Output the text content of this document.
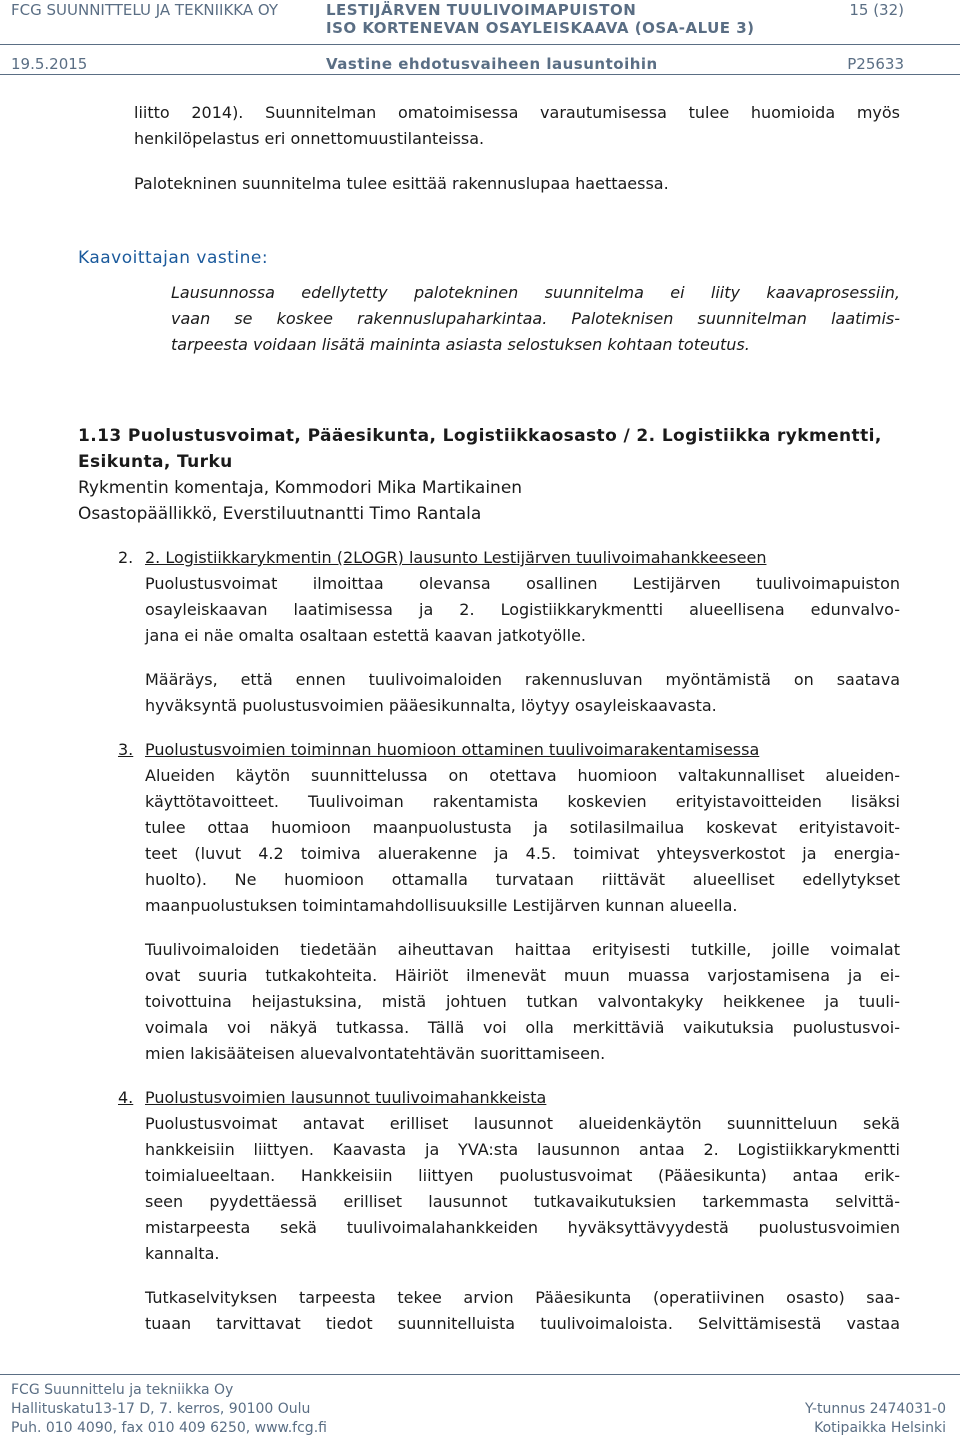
FCG SUUNNITTELU JA TEKNIIKKA OY	LESTIJÄRVEN TUULIVOIMAPUISTON
ISO KORTENEVAN OSAYLEISKAAVA (OSA-ALUE 3)
15 (32)
19.5.2015	Vastine ehdotusvaiheen lausuntoihin	P25633
liitto 2014). Suunnitelman omatoimisessa varautumisessa tulee huomioida myös
henkilöpelastus eri onnettomuustilanteissa.
Palotekninen suunnitelma tulee esittää rakennuslupaa haettaessa.
Kaavoittajan vastine:
Lausunnossa edellytetty palotekninen suunnitelma ei liity kaavaprosessiin,
vaan se koskee rakennuslupaharkintaa. Paloteknisen suunnitelman laatimis-
tarpeesta voidaan lisätä maininta asiasta selostuksen kohtaan toteutus.
1.13 Puolustusvoimat, Pääesikunta, Logistiikkaosasto / 2. Logistiikka rykmentti,
Esikunta, Turku
Rykmentin komentaja, Kommodori Mika Martikainen
Osastopäällikkö, Everstiluutnantti Timo Rantala
2. 2. Logistiikkarykmentin (2LOGR) lausunto Lestijärven tuulivoimahankkeeseen
Puolustusvoimat ilmoittaa olevansa osallinen Lestijärven tuulivoimapuiston
osayleiskaavan laatimisessa ja 2. Logistiikkarykmentti alueellisena edunvalvo-
jana ei näe omalta osaltaan estettä kaavan jatkotyölle.
Määräys, että ennen tuulivoimaloiden rakennusluvan myöntämistä on saatava
hyväksyntä puolustusvoimien pääesikunnalta, löytyy osayleiskaavasta.
3. Puolustusvoimien toiminnan huomioon ottaminen tuulivoimarakentamisessa
Alueiden käytön suunnittelussa on otettava huomioon valtakunnalliset alueiden-
käyttötavoitteet. Tuulivoiman rakentamista koskevien erityistavoitteiden lisäksi
tulee ottaa huomioon maanpuolustusta ja sotilasilmailua koskevat erityistavoit-
teet (luvut 4.2 toimiva aluerakenne ja 4.5. toimivat yhteysverkostot ja energia-
huolto). Ne huomioon ottamalla turvataan riittävät alueelliset edellytykset
maanpuolustuksen toimintamahdollisuuksille Lestijärven kunnan alueella.
Tuulivoimaloiden tiedetään aiheuttavan haittaa erityisesti tutkille, joille voimalat
ovat suuria tutkakohteita. Häiriöt ilmenevät muun muassa varjostamisena ja ei-
toivottuina heijastuksina, mistä johtuen tutkan valvontakyky heikkenee ja tuuli-
voimala voi näkyä tutkassa. Tällä voi olla merkittäviä vaikutuksia puolustusvoi-
mien lakisääteisen aluevalvontatehtävän suorittamiseen.
4. Puolustusvoimien lausunnot tuulivoimahankkeista
Puolustusvoimat antavat erilliset lausunnot alueidenkäytön suunnitteluun sekä
hankkeisiin liittyen. Kaavasta ja YVA:sta lausunnon antaa 2. Logistiikkarykmentti
toimialueeltaan. Hankkeisiin liittyen puolustusvoimat (Pääesikunta) antaa erik-
seen pyydettäessä erilliset lausunnot tutkavaikutuksien tarkemmasta selvittä-
mistarpeesta sekä tuulivoimalahankkeiden hyväksyttävyydestä puolustusvoimien
kannalta.
Tutkaselvityksen tarpeesta tekee arvion Pääesikunta (operatiivinen osasto) saa-
tuaan tarvittavat tiedot suunnitelluista tuulivoimaloista. Selvittämisestä vastaa
FCG Suunnittelu ja tekniikka Oy
Hallituskatu13-17 D, 7. kerros, 90100 Oulu
Puh. 010 4090, fax 010 409 6250, www.fcg.fi
Y-tunnus 2474031-0
Kotipaikka Helsinki
